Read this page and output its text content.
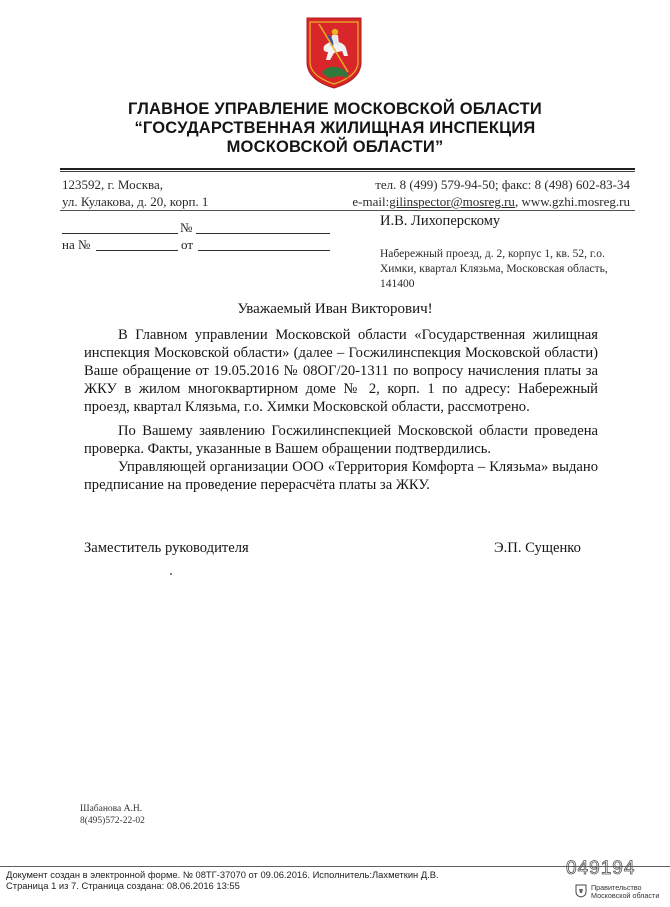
ГЛАВНОЕ УПРАВЛЕНИЕ МОСКОВСКОЙ ОБЛАСТИ
“ГОСУДАРСТВЕННАЯ ЖИЛИЩНАЯ ИНСПЕКЦИЯ
МОСКОВСКОЙ ОБЛАСТИ”
123592, г. Москва,
ул. Кулакова, д. 20, корп. 1
тел. 8 (499) 579-94-50; факс: 8 (498) 602-83-34
e-mail:gilinspector@mosreg.ru, www.gzhi.mosreg.ru
№
на №	от
И.В. Лихоперскому
Набережный проезд, д. 2, корпус 1, кв. 52, г.о. Химки, квартал Клязьма, Московская область, 141400
Уважаемый Иван Викторович!

В Главном управлении Московской области «Государственная жилищная инспекция Московской области» (далее – Госжилинспекция Московской области) Ваше обращение от 19.05.2016 № 08ОГ/20-1311 по вопросу начисления платы за ЖКУ в жилом многоквартирном доме № 2, корп. 1 по адресу: Набережный проезд, квартал Клязьма, г.о. Химки Московской области, рассмотрено.

По Вашему заявлению Госжилинспекцией Московской области проведена проверка. Факты, указанные в Вашем обращении подтвердились.

Управляющей организации ООО «Территория Комфорта – Клязьма» выдано предписание на проведение перерасчёта платы за ЖКУ.

Заместитель руководителя	Э.П. Сущенко
Шабанова А.Н.
8(495)572-22-02
Документ создан в электронной форме. № 08ТГ-37070 от 09.06.2016. Исполнитель:Лахметкин Д.В.
Страница 1 из 7. Страница создана: 08.06.2016 13:55
049194
Правительство
Московской области
